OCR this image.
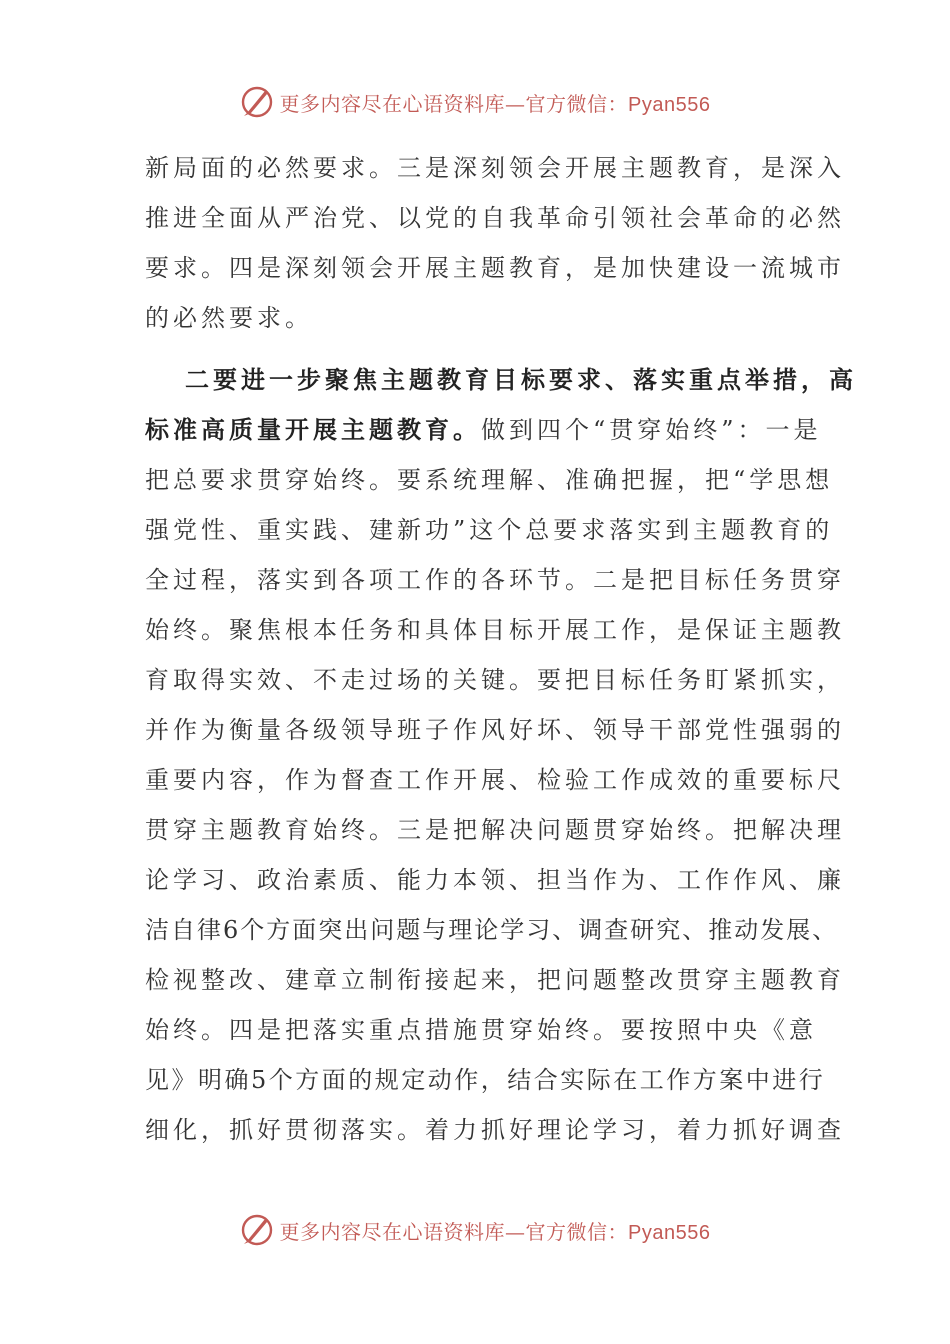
更多内容尽在心语资料库—官方微信：Pyan556
新局面的必然要求。三是深刻领会开展主题教育，是深入
推进全面从严治党、以党的自我革命引领社会革命的必然
要求。四是深刻领会开展主题教育，是加快建设一流城市
的必然要求。
二要进一步聚焦主题教育目标要求、落实重点举措，高
标准高质量开展主题教育。做到四个“贯穿始终”：一是
把总要求贯穿始终。要系统理解、准确把握，把“学思想
强党性、重实践、建新功”这个总要求落实到主题教育的
全过程，落实到各项工作的各环节。二是把目标任务贯穿
始终。聚焦根本任务和具体目标开展工作，是保证主题教
育取得实效、不走过场的关键。要把目标任务盯紧抓实，
并作为衡量各级领导班子作风好坏、领导干部党性强弱的
重要内容，作为督查工作开展、检验工作成效的重要标尺
贯穿主题教育始终。三是把解决问题贯穿始终。把解决理
论学习、政治素质、能力本领、担当作为、工作作风、廉
洁自律6个方面突出问题与理论学习、调查研究、推动发展、
检视整改、建章立制衔接起来，把问题整改贯穿主题教育
始终。四是把落实重点措施贯穿始终。要按照中央《意
见》明确5个方面的规定动作，结合实际在工作方案中进行
细化，抓好贯彻落实。着力抓好理论学习，着力抓好调查
更多内容尽在心语资料库—官方微信：Pyan556
